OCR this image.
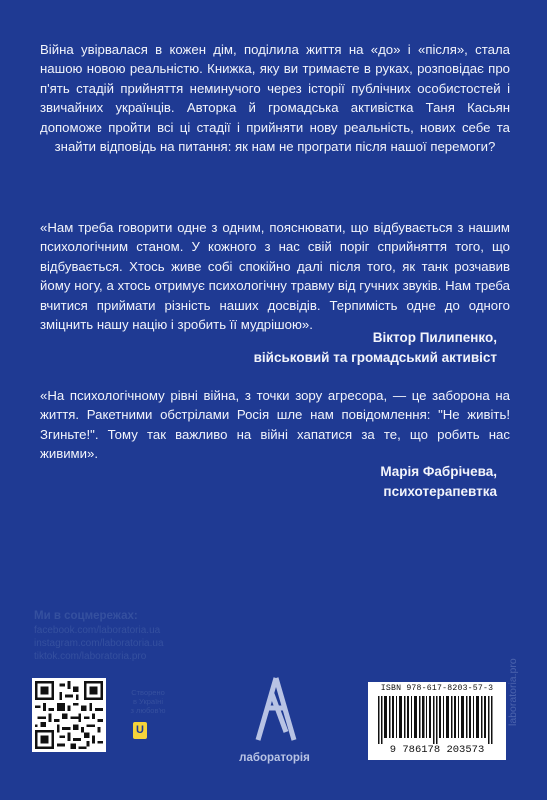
Війна увірвалася в кожен дім, поділила життя на «до» і «після», стала нашою новою реальністю. Книжка, яку ви тримаєте в руках, розповідає про п'ять стадій прийняття неминучого через історії публічних особистостей і звичайних українців. Авторка й громадська активістка Таня Касьян допоможе пройти всі ці стадії і прийняти нову реальність, нових себе та знайти відповідь на питання: як нам не програти після нашої перемоги?

«Нам треба говорити одне з одним, пояснювати, що відбувається з нашим психологічним станом. У кожного з нас свій поріг сприйняття того, що відбувається. Хтось живе собі спокійно далі після того, як танк розчавив йому ногу, а хтось отримує психологічну травму від гучних звуків. Нам треба вчитися приймати різність наших досвідів. Терпимість одне до одного зміцнить нашу націю і зробить її мудрішою».

Віктор Пилипенко,
військовий та громадський активіст

«На психологічному рівні війна, з точки зору агресора, — це заборона на життя. Ракетними обстрілами Росія шле нам повідомлення: "Не живіть! Згиньте!". Тому так важливо на війні хапатися за те, що робить нас живими».

Марія Фабрічева,
психотерапевтка
Ми в соцмережах:
facebook.com/laboratoria.ua
instagram.com/laboratoria.ua
tiktok.com/laboratoria.pro
Створено
в Україні
з любов'ю
U
лабораторія
ISBN 978-617-8203-57-3
9 786178 203573
laboratoria.pro
